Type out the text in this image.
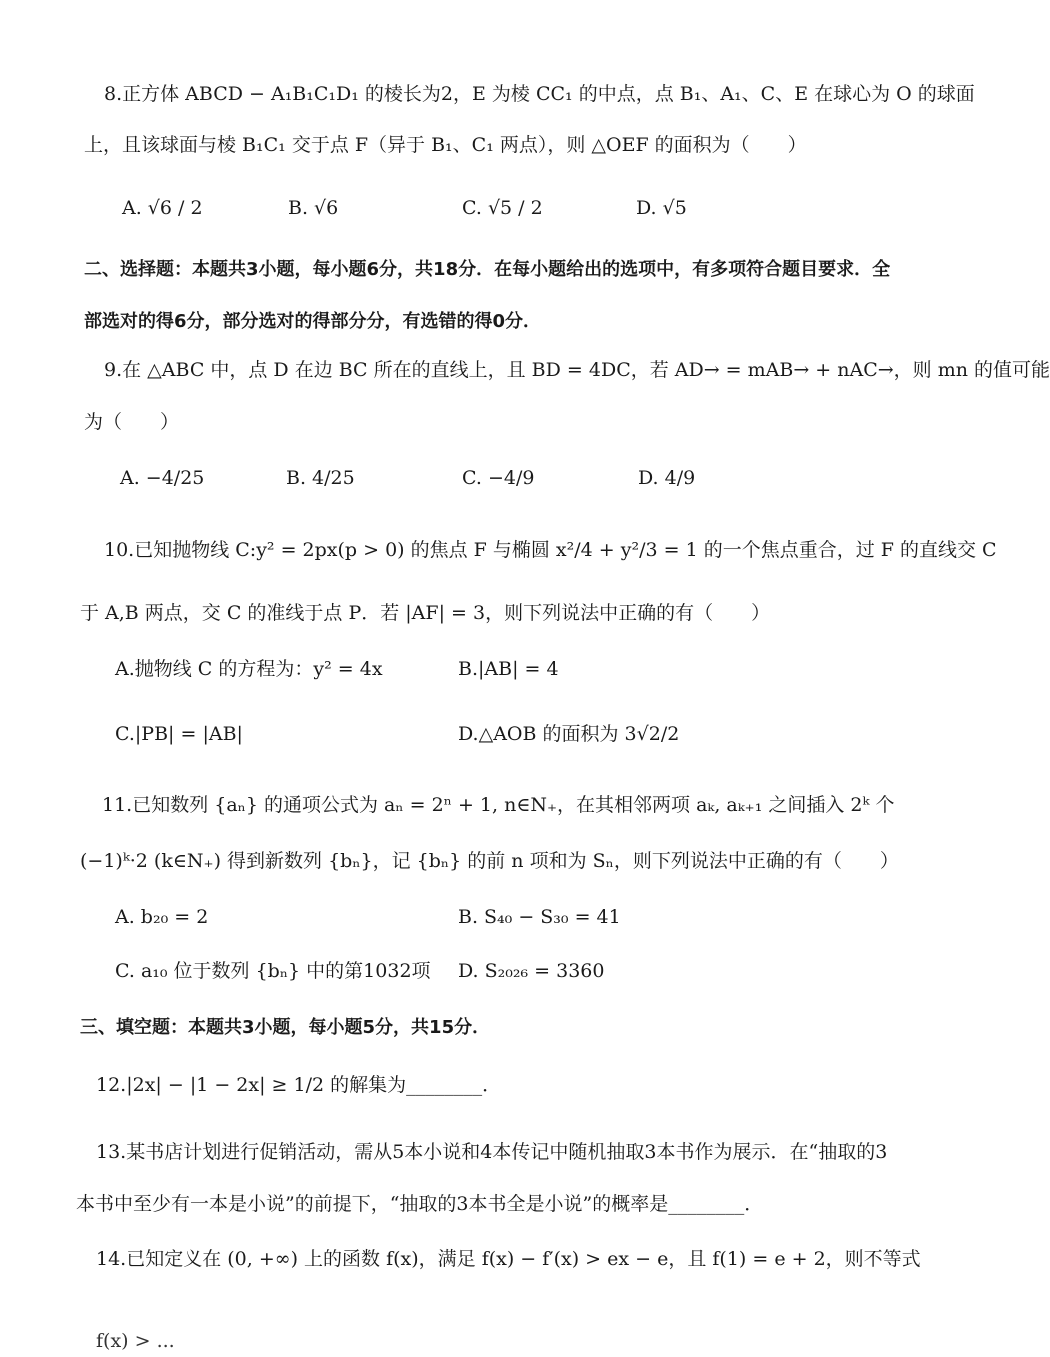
8.正方体 ABCD − A₁B₁C₁D₁ 的棱长为2，E 为棱 CC₁ 的中点，点 B₁、A₁、C、E 在球心为 O 的球面
上，且该球面与棱 B₁C₁ 交于点 F（异于 B₁、C₁ 两点），则 △OEF 的面积为（　　）
A. √6 / 2	B. √6	C. √5 / 2	D. √5
二、选择题：本题共3小题，每小题6分，共18分．在每小题给出的选项中，有多项符合题目要求．全
部选对的得6分，部分选对的得部分分，有选错的得0分．
9.在 △ABC 中，点 D 在边 BC 所在的直线上，且 BD = 4DC，若 AD→ = mAB→ + nAC→，则 mn 的值可能
为（　　）
A. −4/25	B. 4/25	C. −4/9	D. 4/9
10.已知抛物线 C:y² = 2px(p > 0) 的焦点 F 与椭圆 x²/4 + y²/3 = 1 的一个焦点重合，过 F 的直线交 C
于 A,B 两点，交 C 的准线于点 P．若 |AF| = 3，则下列说法中正确的有（　　）
A.抛物线 C 的方程为：y² = 4x	B.|AB| = 4
C.|PB| = |AB|	D.△AOB 的面积为 3√2/2
11.已知数列 {aₙ} 的通项公式为 aₙ = 2ⁿ + 1, n∈N₊，在其相邻两项 aₖ, aₖ₊₁ 之间插入 2ᵏ 个
(−1)ᵏ·2 (k∈N₊) 得到新数列 {bₙ}，记 {bₙ} 的前 n 项和为 Sₙ，则下列说法中正确的有（　　）
A. b₂₀ = 2	B. S₄₀ − S₃₀ = 41
C. a₁₀ 位于数列 {bₙ} 中的第1032项 D. S₂₀₂₆ = 3360
三、填空题：本题共3小题，每小题5分，共15分．
12.|2x| − |1 − 2x| ≥ 1/2 的解集为________．
13.某书店计划进行促销活动，需从5本小说和4本传记中随机抽取3本书作为展示．在“抽取的3
本书中至少有一本是小说”的前提下，“抽取的3本书全是小说”的概率是________．
14.已知定义在 (0, +∞) 上的函数 f(x)，满足 f(x) − f′(x) > ex − e，且 f(1) = e + 2，则不等式
f(x) > ...
